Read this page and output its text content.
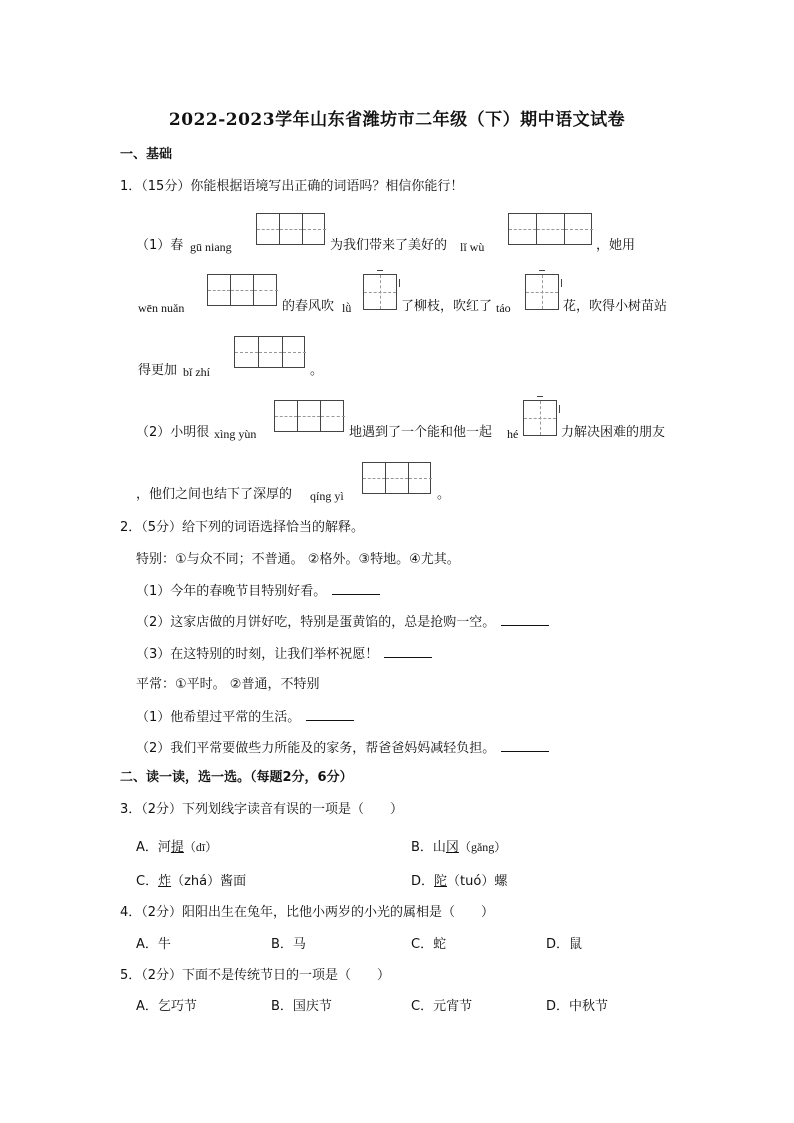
2022-2023学年山东省潍坊市二年级（下）期中语文试卷
一、基础
1．（15分）你能根据语境写出正确的词语吗？相信你能行！
（1）春 gū niang	为我们带来了美好的 lǐ wù	，她用
wēn nuǎn	的春风吹 lǜ	了柳枝，吹红了 táo	花，吹得小树苗站
得更加 bǐ zhí	。
（2）小明很 xìng yùn	地遇到了一个能和他一起 hé	力解决困难的朋友
，他们之间也结下了深厚的 qíng yì	。
2．（5分）给下列的词语选择恰当的解释。
特别：①与众不同；不普通。 ②格外。③特地。④尤其。
（1）今年的春晚节目特别好看。
（2）这家店做的月饼好吃，特别是蛋黄馅的，总是抢购一空。
（3）在这特别的时刻，让我们举杯祝愿！
平常：①平时。 ②普通，不特别
（1）他希望过平常的生活。
（2）我们平常要做些力所能及的家务，帮爸爸妈妈减轻负担。
二、读一读，选一选。（每题2分，6分）
3．（2分）下列划线字读音有误的一项是（　　）
A．河提（dī）	B．山冈（gǎng）
C．炸（zhá）酱面	D．陀（tuó）螺
4．（2分）阳阳出生在兔年，比他小两岁的小光的属相是（　　）
A．牛	B．马	C．蛇	D．鼠
5．（2分）下面不是传统节日的一项是（　　）
A．乞巧节	B．国庆节	C．元宵节	D．中秋节
